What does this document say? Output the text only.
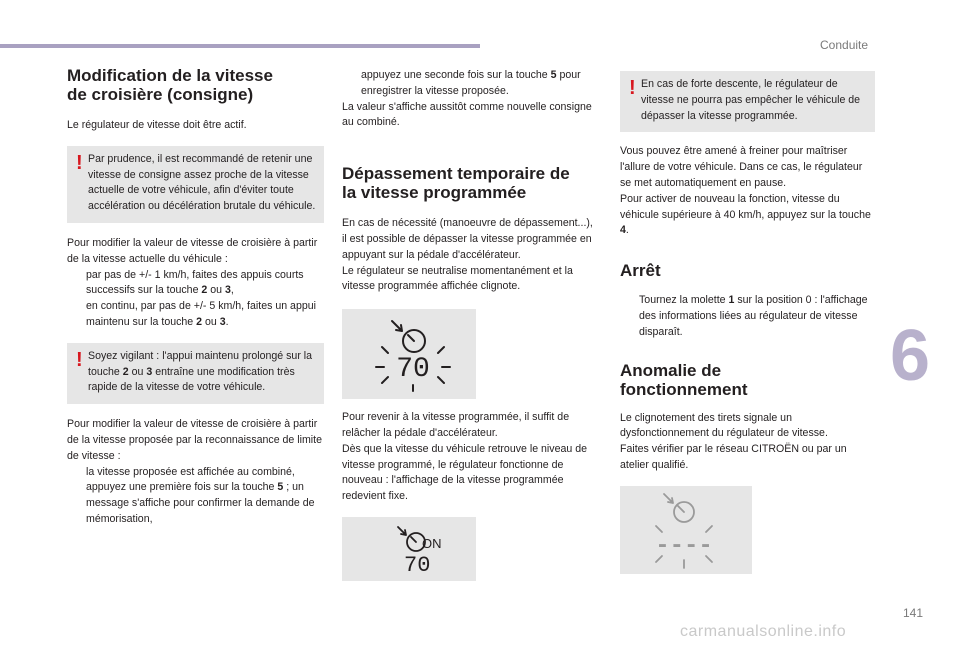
Conduite
6
141
carmanualsonline.info
Modification de la vitesse
de croisière (consigne)

Le régulateur de vitesse doit être actif.

! Par prudence, il est recommandé de retenir une vitesse de consigne assez proche de la vitesse actuelle de votre véhicule, afin d'éviter toute accélération ou décélération brutale du véhicule.

Pour modifier la valeur de vitesse de croisière à partir de la vitesse actuelle du véhicule :

par pas de +/- 1 km/h, faites des appuis courts successifs sur la touche 2 ou 3,
en continu, par pas de +/- 5 km/h, faites un appui maintenu sur la touche 2 ou 3.
! Soyez vigilant : l'appui maintenu prolongé sur la touche 2 ou 3 entraîne une modification très rapide de la vitesse de votre véhicule.

Pour modifier la valeur de vitesse de croisière à partir de la vitesse proposée par la reconnaissance de limite de vitesse :

la vitesse proposée est affichée au combiné,
appuyez une première fois sur la touche 5 ; un message s'affiche pour confirmer la demande de mémorisation,
appuyez une seconde fois sur la touche 5 pour enregistrer la vitesse proposée.

La valeur s'affiche aussitôt comme nouvelle consigne au combiné.

Dépassement temporaire de
la vitesse programmée

En cas de nécessité (manoeuvre de dépassement...), il est possible de dépasser la vitesse programmée en appuyant sur la pédale d'accélérateur.

Le régulateur se neutralise momentanément et la vitesse programmée affichée clignote.

70

Pour revenir à la vitesse programmée, il suffit de relâcher la pédale d'accélérateur.

Dès que la vitesse du véhicule retrouve le niveau de vitesse programmé, le régulateur fonctionne de nouveau : l'affichage de la vitesse programmée redevient fixe.

ON
70
! En cas de forte descente, le régulateur de vitesse ne pourra pas empêcher le véhicule de dépasser la vitesse programmée.

Vous pouvez être amené à freiner pour maîtriser l'allure de votre véhicule. Dans ce cas, le régulateur se met automatiquement en pause.

Pour activer de nouveau la fonction, vitesse du véhicule supérieure à 40 km/h, appuyez sur la touche 4.

Arrêt
Tournez la molette 1 sur la position 0 : l'affichage des informations liées au régulateur de vitesse disparaît.
Anomalie de
fonctionnement

Le clignotement des tirets signale un dysfonctionnement du régulateur de vitesse.

Faites vérifier par le réseau CITROËN ou par un atelier qualifié.

----
